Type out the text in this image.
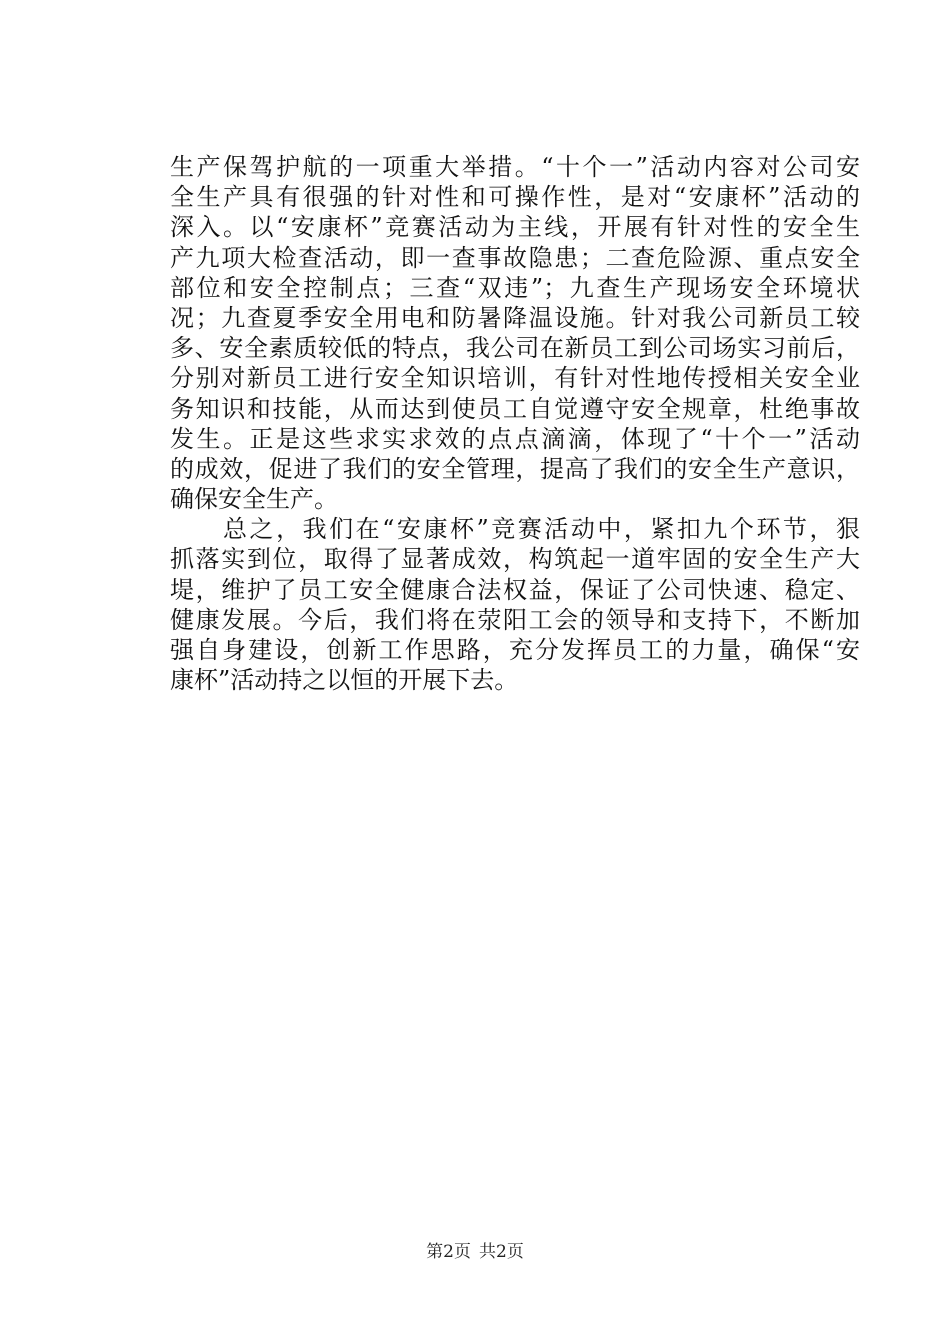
生产保驾护航的一项重大举措。“十个一”活动内容对公司安
全生产具有很强的针对性和可操作性，是对“安康杯”活动的
深入。以“安康杯”竞赛活动为主线，开展有针对性的安全生
产九项大检查活动，即一查事故隐患；二查危险源、重点安全
部位和安全控制点；三查“双违”；九查生产现场安全环境状
况；九查夏季安全用电和防暑降温设施。针对我公司新员工较
多、安全素质较低的特点，我公司在新员工到公司场实习前后，
分别对新员工进行安全知识培训，有针对性地传授相关安全业
务知识和技能，从而达到使员工自觉遵守安全规章，杜绝事故
发生。正是这些求实求效的点点滴滴，体现了“十个一”活动
的成效，促进了我们的安全管理，提高了我们的安全生产意识，
确保安全生产。
　　总之，我们在“安康杯”竞赛活动中，紧扣九个环节，狠
抓落实到位，取得了显著成效，构筑起一道牢固的安全生产大
堤，维护了员工安全健康合法权益，保证了公司快速、稳定、
健康发展。今后，我们将在荥阳工会的领导和支持下，不断加
强自身建设，创新工作思路，充分发挥员工的力量，确保“安
康杯”活动持之以恒的开展下去。
第2页 共2页
